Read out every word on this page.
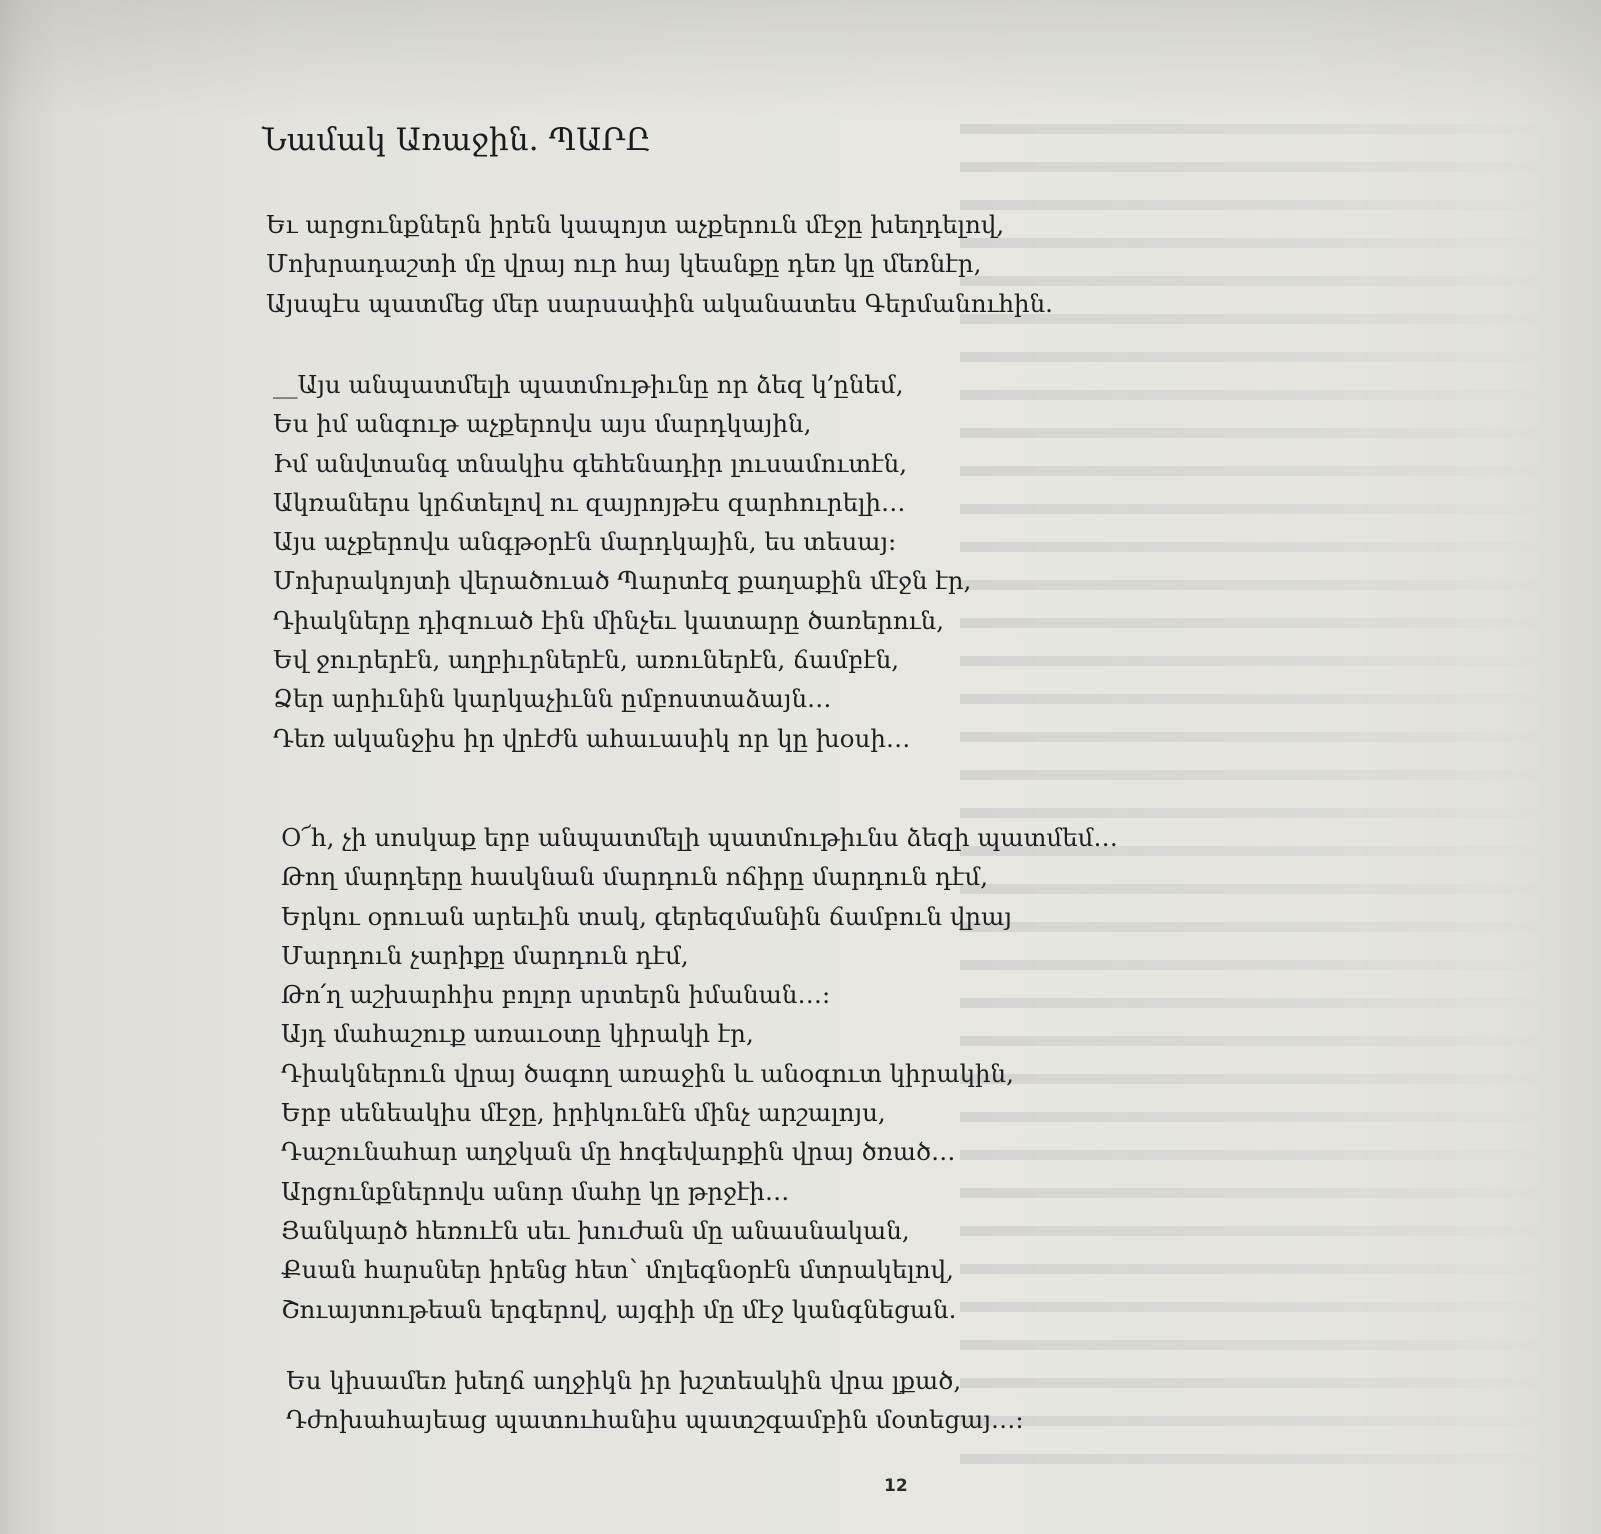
Նամակ Առաջին. ՊԱՐԸ
Եւ արցունքներն իրեն կապոյտ աչքերուն մէջը խեղդելով,
Մոխրադաշտի մը վրայ ուր հայ կեանքը դեռ կը մեռնէր,
Այսպէս պատմեց մեր սարսափին ականատես Գերմանուհին.
__Այս անպատմելի պատմութիւնը որ ձեզ կ՚ընեմ,
Ես իմ անգութ աչքերովս այս մարդկային,
Իմ անվտանգ տնակիս գեհենադիր լուսամուտէն,
Ակռաներս կրճտելով ու զայրոյթէս զարհուրելի…
Այս աչքերովս անգթօրէն մարդկային, ես տեսայ:
Մոխրակոյտի վերածուած Պարտէզ քաղաքին մէջն էր,
Դիակները դիզուած էին մինչեւ կատարը ծառերուն,
Եվ ջուրերէն, աղբիւրներէն, առուներէն, ճամբէն,
Ձեր արիւնին կարկաչիւնն ըմբոստաձայն…
Դեռ ականջիս իր վրէժն ահաւասիկ որ կը խօսի…
Օ՜հ, չի սոսկաք երբ անպատմելի պատմութիւնս ձեզի պատմեմ…
Թող մարդերը հասկնան մարդուն ոճիրը մարդուն դէմ,
Երկու օրուան արեւին տակ, գերեզմանին ճամբուն վրայ
Մարդուն չարիքը մարդուն դէմ,
Թո՛ղ աշխարհիս բոլոր սրտերն իմանան…:
Այդ մահաշուք առաւօտը կիրակի էր,
Դիակներուն վրայ ծագող առաջին և անօգուտ կիրակին,
Երբ սենեակիս մէջը, իրիկունէն մինչ արշալոյս,
Դաշունահար աղջկան մը հոգեվարքին վրայ ծռած…
Արցունքներովս անոր մահը կը թրջէի…
Յանկարծ հեռուէն սեւ խուժան մը անասնական,
Քսան հարսներ իրենց հետ՝ մոլեգնօրէն մտրակելով,
Շուայտութեան երգերով, այգիի մը մէջ կանգնեցան.
Ես կիսամեռ խեղճ աղջիկն իր խշտեակին վրա լքած,
Դժոխահայեաց պատուհանիս պատշգամբին մօտեցայ…:
12
